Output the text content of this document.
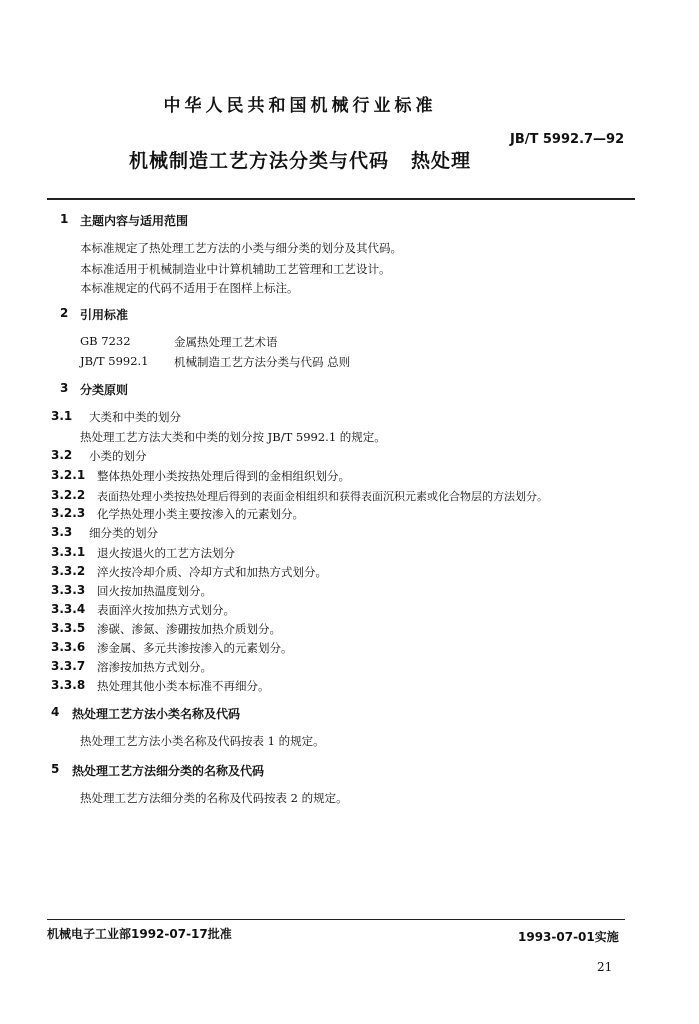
中华人民共和国机械行业标准
JB/T 5992.7—92
机械制造工艺方法分类与代码 热处理
1 主题内容与适用范围
本标准规定了热处理工艺方法的小类与细分类的划分及其代码。
本标准适用于机械制造业中计算机辅助工艺管理和工艺设计。
本标准规定的代码不适用于在图样上标注。
2 引用标准
GB 7232	金属热处理工艺术语
JB/T 5992.1 机械制造工艺方法分类与代码 总则
3 分类原则
3.1 大类和中类的划分
热处理工艺方法大类和中类的划分按 JB/T 5992.1 的规定。
3.2 小类的划分
3.2.1 整体热处理小类按热处理后得到的金相组织划分。
3.2.2 表面热处理小类按热处理后得到的表面金相组织和获得表面沉积元素或化合物层的方法划分。
3.2.3 化学热处理小类主要按渗入的元素划分。
3.3 细分类的划分
3.3.1 退火按退火的工艺方法划分
3.3.2 淬火按冷却介质、冷却方式和加热方式划分。
3.3.3 回火按加热温度划分。
3.3.4 表面淬火按加热方式划分。
3.3.5 渗碳、渗氮、渗硼按加热介质划分。
3.3.6 渗金属、多元共渗按渗入的元素划分。
3.3.7 溶渗按加热方式划分。
3.3.8 热处理其他小类本标准不再细分。
4 热处理工艺方法小类名称及代码
热处理工艺方法小类名称及代码按表 1 的规定。
5 热处理工艺方法细分类的名称及代码
热处理工艺方法细分类的名称及代码按表 2 的规定。
机械电子工业部1992-07-17批准	1993-07-01实施
21
